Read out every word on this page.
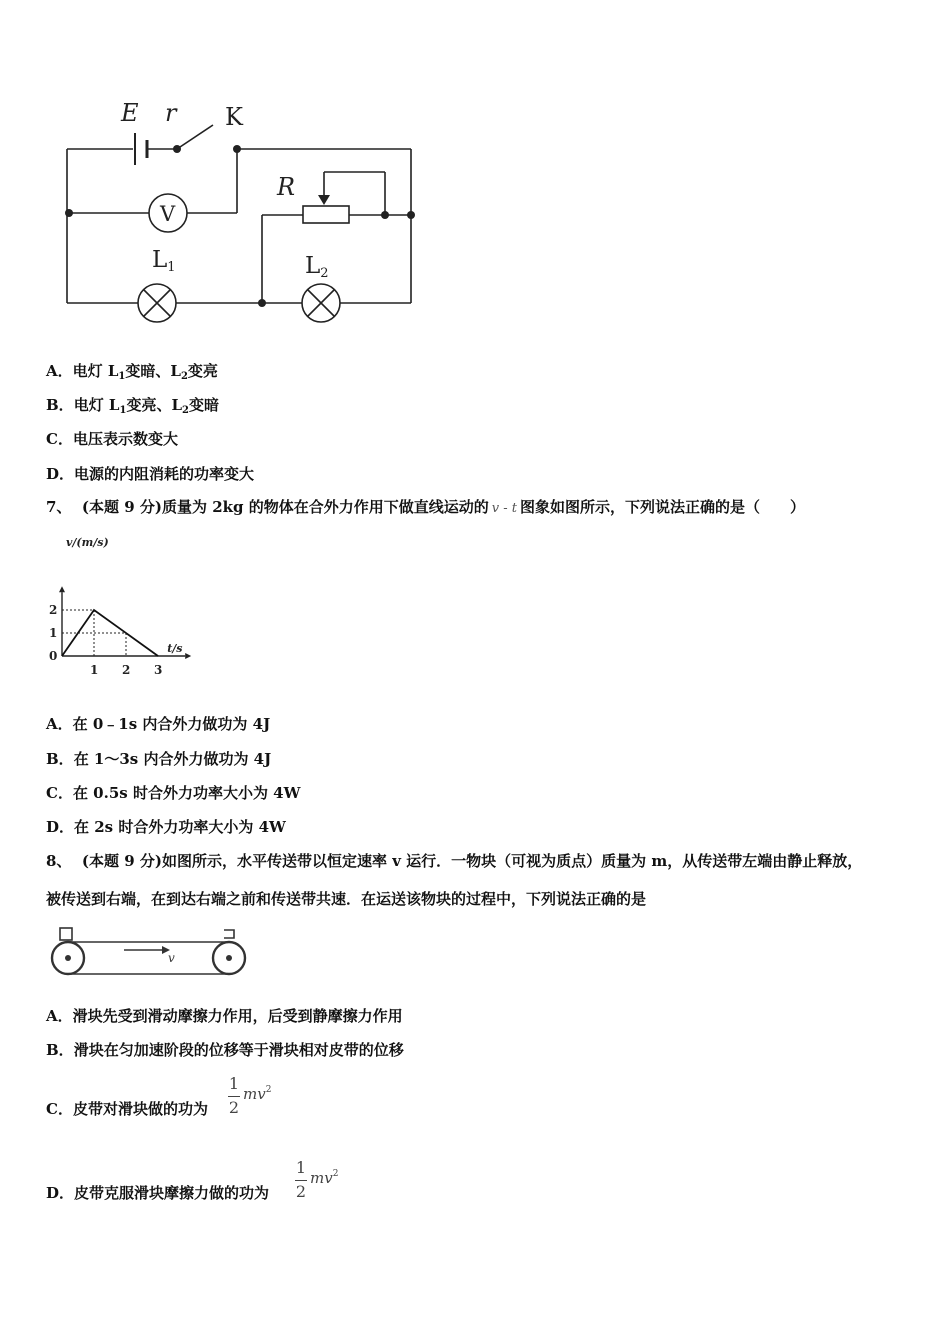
E r K
R
V
L1	L2
A．电灯 $L_1$变暗、$L_2$变亮
B．电灯 $L_1$变亮、$L_2$变暗
C．电压表示数变大
D．电源的内阻消耗的功率变大
7、 (本题 9 分)质量为 2kg 的物体在合外力作用下做直线运动的 v - t 图象如图所示，下列说法正确的是（　　）
1 2 3
0
1
2
v/(m/s)
t/s
A．在 0﹣1s 内合外力做功为 4J
B．在 1～3s 内合外力做功为 4J
C．在 0.5s 时合外力功率大小为 4W
D．在 2s 时合外力功率大小为 4W
8、 (本题 9 分)如图所示，水平传送带以恒定速率 v 运行．一物块（可视为质点）质量为 m，从传送带左端由静止释放，
被传送到右端，在到达右端之前和传送带共速．在运送该物块的过程中，下列说法正确的是
v
A．滑块先受到滑动摩擦力作用，后受到静摩擦力作用
B．滑块在匀加速阶段的位移等于滑块相对皮带的位移
C．皮带对滑块做的功为
1
2
$mv^2$
D．皮带克服滑块摩擦力做的功为
1
2
$mv^2$
